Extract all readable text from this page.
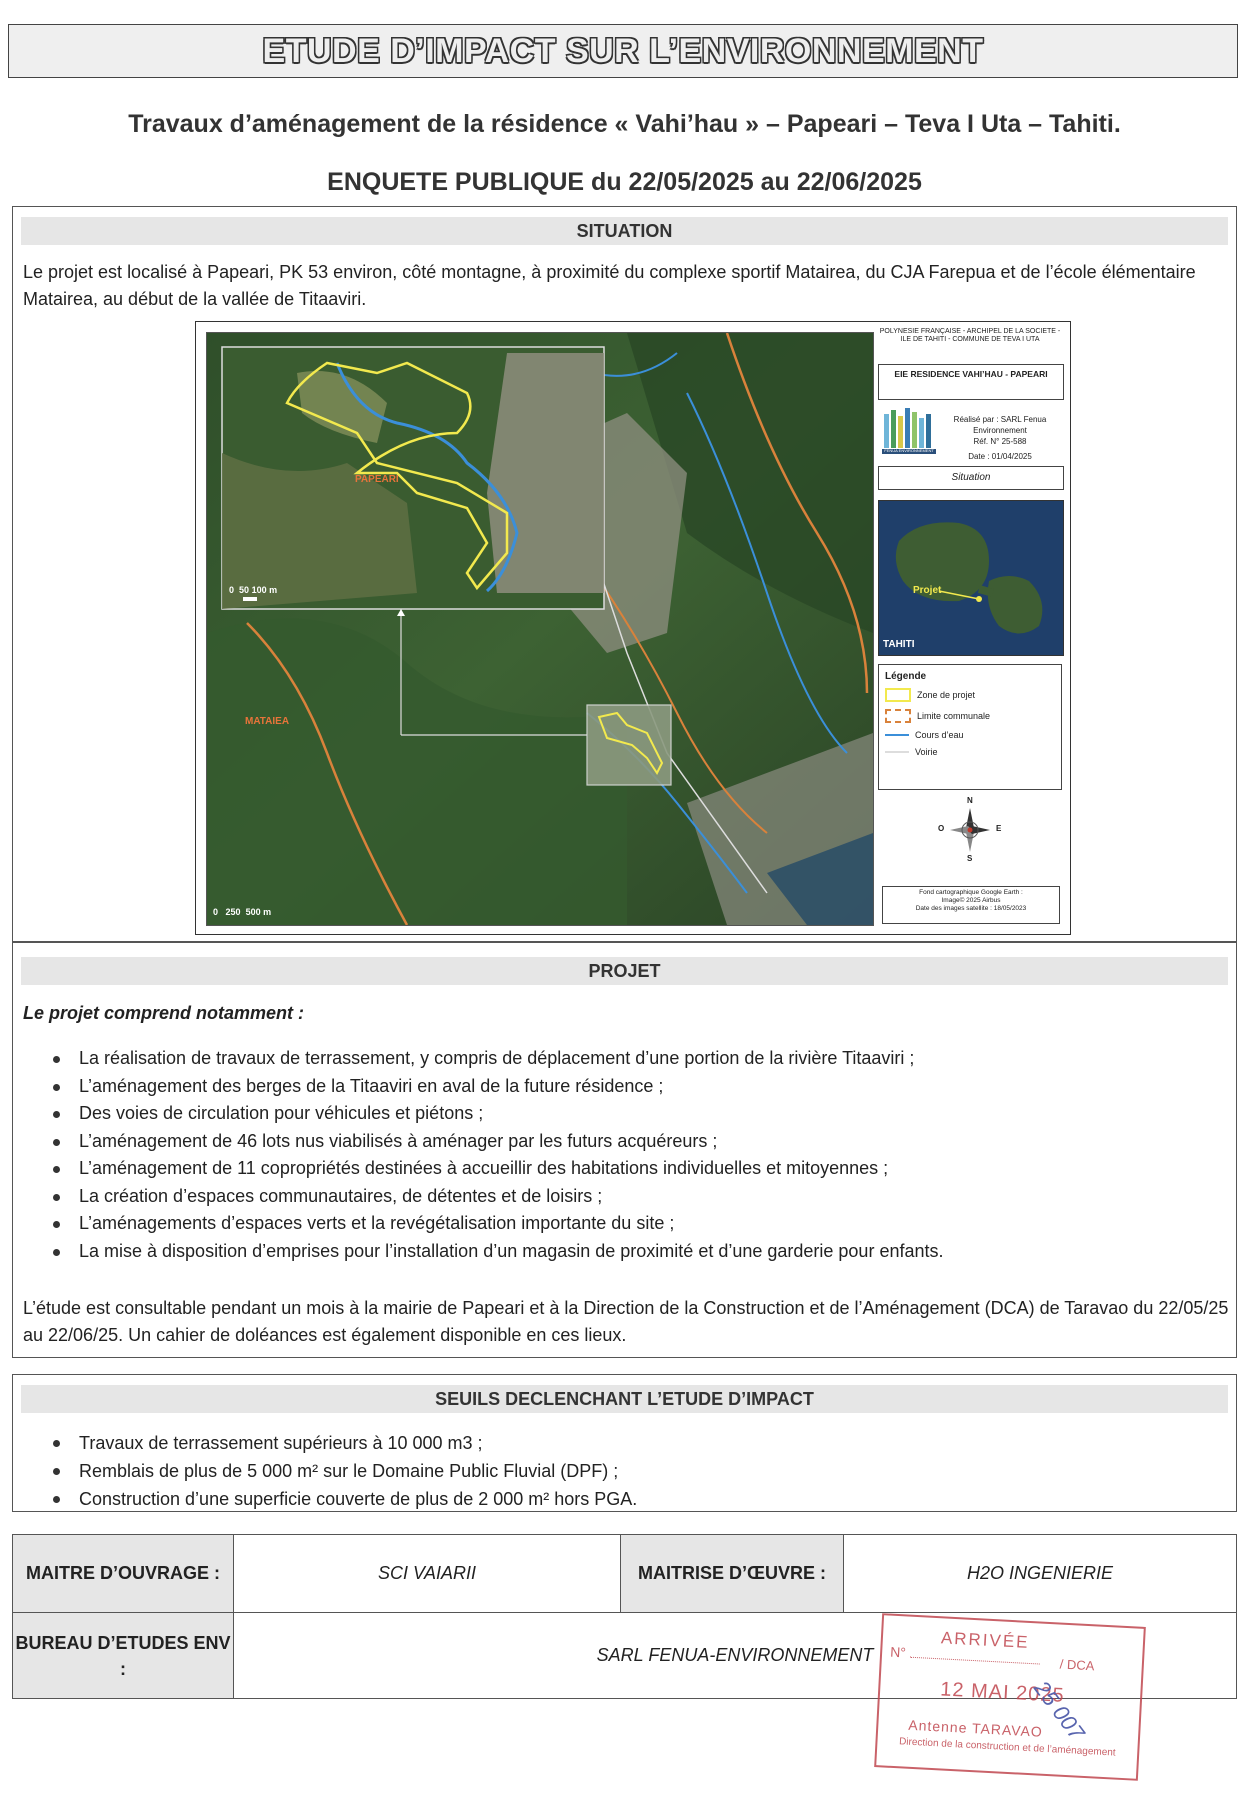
ETUDE D’IMPACT SUR L’ENVIRONNEMENT
Travaux d’aménagement de la résidence « Vahi’hau » – Papeari – Teva I Uta – Tahiti.
ENQUETE PUBLIQUE du 22/05/2025 au 22/06/2025
SITUATION
Le projet est localisé à Papeari, PK 53 environ, côté montagne, à proximité du complexe sportif Matairea, du CJA Farepua et de l’école élémentaire Matairea, au début de la vallée de Titaaviri.
PAPEARI
MATAIEA
0 50 100 m
0 250 500 m
POLYNESIE FRANÇAISE - ARCHIPEL DE LA SOCIETE - ILE DE TAHITI - COMMUNE DE TEVA I UTA
EIE RESIDENCE VAHI’HAU - PAPEARI
FENUA ENVIRONNEMENT
Réalisé par : SARL Fenua Environnement
Réf. N° 25-588
Date : 01/04/2025
Situation
Projet
TAHITI
Légende
Zone de projet
Limite communale
Cours d’eau
Voirie
N
O	E
S
Fond cartographique Google Earth :
Image© 2025 Airbus
Date des images satellite : 18/05/2023
PROJET
Le projet comprend notamment :
La réalisation de travaux de terrassement, y compris de déplacement d’une portion de la rivière Titaaviri ;
L’aménagement des berges de la Titaaviri en aval de la future résidence ;
Des voies de circulation pour véhicules et piétons ;
L’aménagement de 46 lots nus viabilisés à aménager par les futurs acquéreurs ;
L’aménagement de 11 copropriétés destinées à accueillir des habitations individuelles et mitoyennes ;
La création d’espaces communautaires, de détentes et de loisirs ;
L’aménagements d’espaces verts et la revégétalisation importante du site ;
La mise à disposition d’emprises pour l’installation d’un magasin de proximité et d’une garderie pour enfants.
L’étude est consultable pendant un mois à la mairie de Papeari et à la Direction de la Construction et de l’Aménagement (DCA) de Taravao du 22/05/25 au 22/06/25. Un cahier de doléances est également disponible en ces lieux.
SEUILS DECLENCHANT L’ETUDE D’IMPACT
Travaux de terrassement supérieurs à 10 000 m3 ;
Remblais de plus de 5 000 m² sur le Domaine Public Fluvial (DPF) ;
Construction d’une superficie couverte de plus de 2 000 m² hors PGA.
MAITRE D’OUVRAGE :	SCI VAIARII	MAITRISE D’ŒUVRE :	H2O INGENIERIE
BUREAU D’ETUDES ENV :	SARL FENUA-ENVIRONNEMENT		
ARRIVÉE
N°
/ DCA
12 MAI 2025
25 007
Antenne TARAVAO
Direction de la construction et de l’aménagement
